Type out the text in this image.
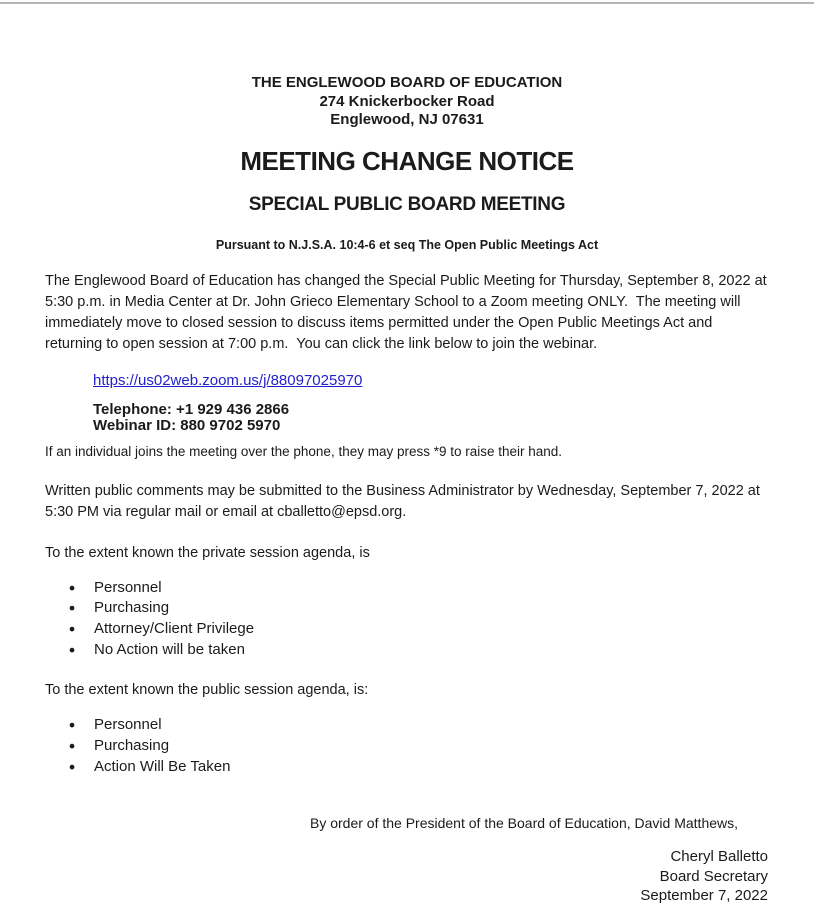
THE ENGLEWOOD BOARD OF EDUCATION
274 Knickerbocker Road
Englewood, NJ 07631
MEETING CHANGE NOTICE
SPECIAL PUBLIC BOARD MEETING
Pursuant to N.J.S.A. 10:4-6 et seq The Open Public Meetings Act

The Englewood Board of Education has changed the Special Public Meeting for Thursday, September 8, 2022 at 5:30 p.m. in Media Center at Dr. John Grieco Elementary School to a Zoom meeting ONLY.  The meeting will immediately move to closed session to discuss items permitted under the Open Public Meetings Act and returning to open session at 7:00 p.m.  You can click the link below to join the webinar.

https://us02web.zoom.us/j/88097025970
Telephone: +1 929 436 2866
Webinar ID: 880 9702 5970

If an individual joins the meeting over the phone, they may press *9 to raise their hand.

Written public comments may be submitted to the Business Administrator by Wednesday, September 7, 2022 at 5:30 PM via regular mail or email at cballetto@epsd.org.

To the extent known the private session agenda, is

• Personnel
• Purchasing
• Attorney/Client Privilege
• No Action will be taken

To the extent known the public session agenda, is:

• Personnel
• Purchasing
• Action Will Be Taken

By order of the President of the Board of Education, David Matthews,

Cheryl Balletto
Board Secretary
September 7, 2022
